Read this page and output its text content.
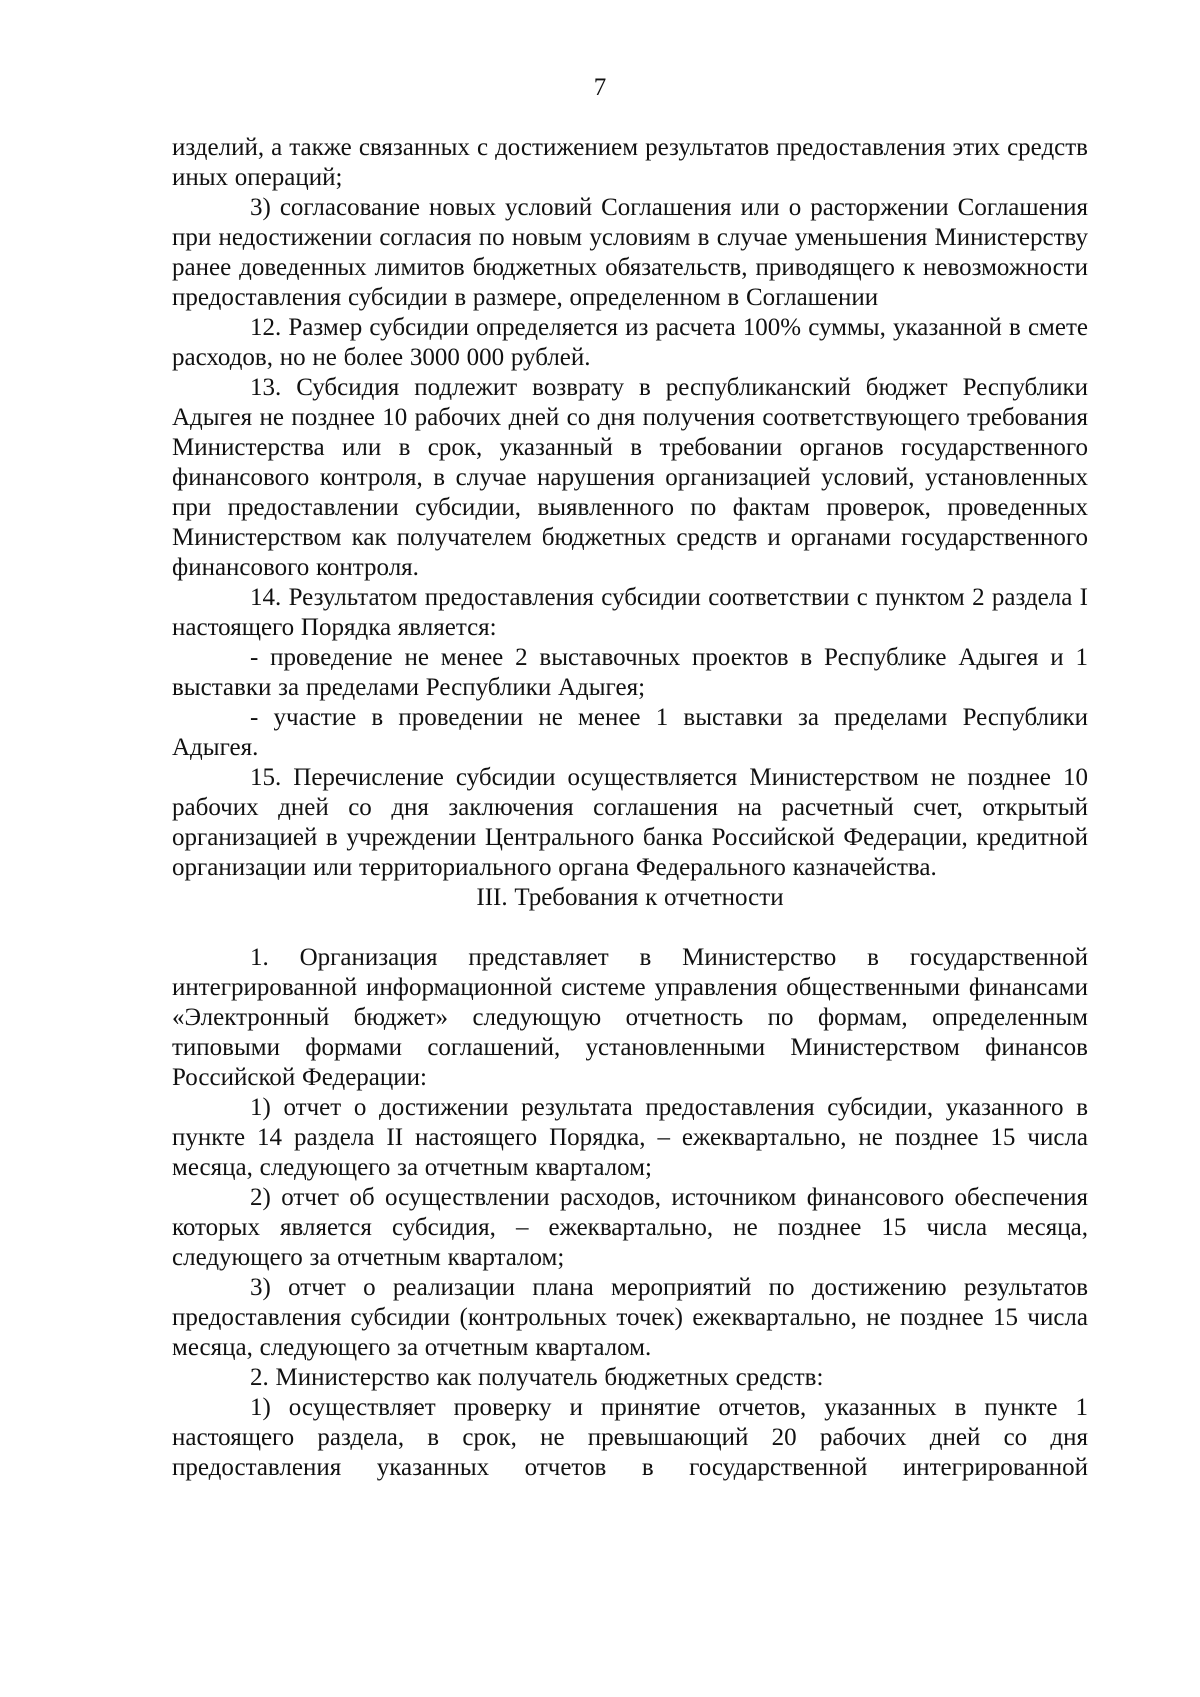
7

изделий, а также связанных с достижением результатов предоставления этих средств иных операций;

3) согласование новых условий Соглашения или о расторжении Соглашения при недостижении согласия по новым условиям в случае уменьшения Министерству ранее доведенных лимитов бюджетных обязательств, приводящего к невозможности предоставления субсидии в размере, определенном в Соглашении

12. Размер субсидии определяется из расчета 100% суммы, указанной в смете расходов, но не более 3000 000 рублей.

13. Субсидия подлежит возврату в республиканский бюджет Республики Адыгея не позднее 10 рабочих дней со дня получения соответствующего требования Министерства или в срок, указанный в требовании органов государственного финансового контроля, в случае нарушения организацией условий, установленных при предоставлении субсидии, выявленного по фактам проверок, проведенных Министерством как получателем бюджетных средств и органами государственного финансового контроля.

14. Результатом предоставления субсидии соответствии с пунктом 2 раздела I настоящего Порядка является:

- проведение не менее 2 выставочных проектов в Республике Адыгея и 1 выставки за пределами Республики Адыгея;

- участие в проведении не менее 1 выставки за пределами Республики Адыгея.

15. Перечисление субсидии осуществляется Министерством не позднее 10 рабочих дней со дня заключения соглашения на расчетный счет, открытый организацией в учреждении Центрального банка Российской Федерации, кредитной организации или территориального органа Федерального казначейства.

III. Требования к отчетности

1. Организация представляет в Министерство в государственной интегрированной информационной системе управления общественными финансами «Электронный бюджет» следующую отчетность по формам, определенным типовыми формами соглашений, установленными Министерством финансов Российской Федерации:

1) отчет о достижении результата предоставления субсидии, указанного в пункте 14 раздела II настоящего Порядка, – ежеквартально, не позднее 15 числа месяца, следующего за отчетным кварталом;

2) отчет об осуществлении расходов, источником финансового обеспечения которых является субсидия, – ежеквартально, не позднее 15 числа месяца, следующего за отчетным кварталом;

3) отчет о реализации плана мероприятий по достижению результатов предоставления субсидии (контрольных точек) ежеквартально, не позднее 15 числа месяца, следующего за отчетным кварталом.

2. Министерство как получатель бюджетных средств:

1) осуществляет проверку и принятие отчетов, указанных в пункте 1 настоящего раздела, в срок, не превышающий 20 рабочих дней со дня предоставления указанных отчетов в государственной интегрированной
